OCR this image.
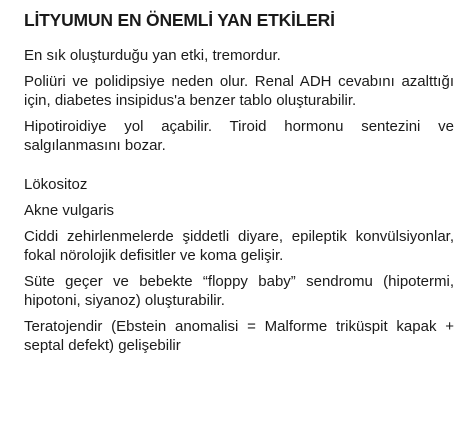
LİTYUMUN EN ÖNEMLİ YAN ETKİLERİ
En sık oluşturduğu yan etki, tremordur.
Poliüri ve polidipsiye neden olur. Renal ADH cevabını azalttığı için, diabetes insipidus'a benzer tablo oluşturabilir.
Hipotiroidiye yol açabilir. Tiroid hormonu sentezini ve salgılanmasını bozar.
Lökositoz
Akne vulgaris
Ciddi zehirlenmelerde şiddetli diyare, epileptik konvülsiyonlar, fokal nörolojik defisitler ve koma gelişir.
Süte geçer ve bebekte “floppy baby” sendromu (hipotermi, hipotoni, siyanoz) oluşturabilir.
Teratojendir (Ebstein anomalisi = Malforme triküspit kapak + septal defekt) gelişebilir
